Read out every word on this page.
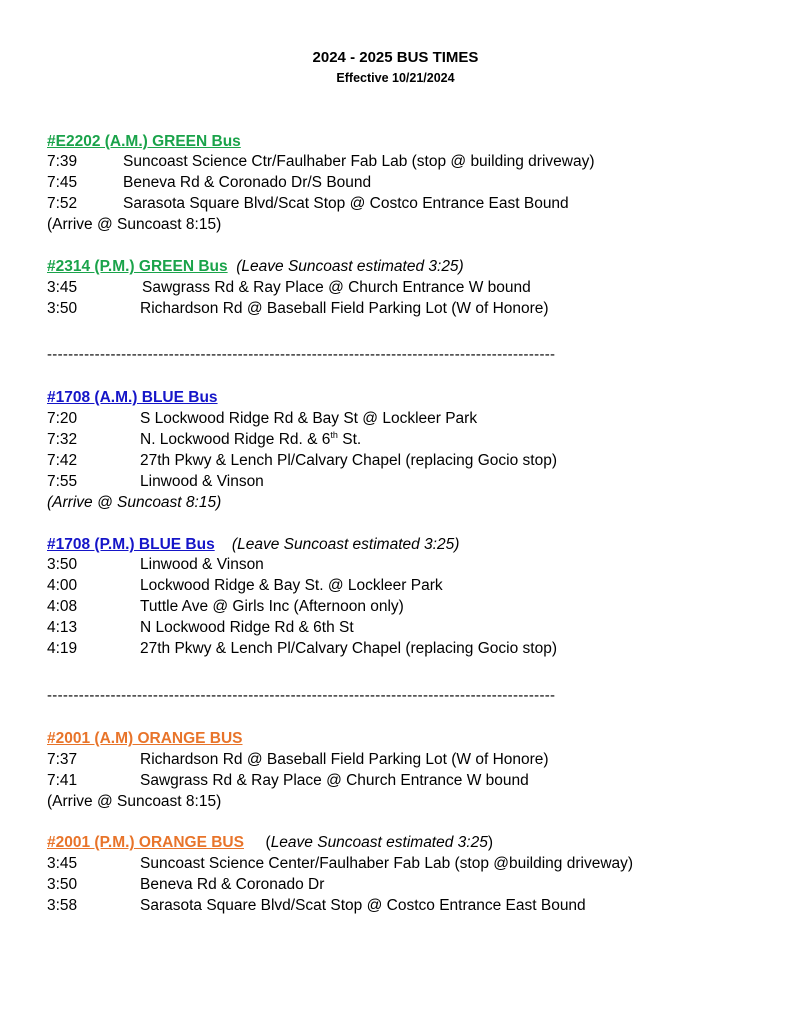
2024 - 2025 BUS TIMES
Effective 10/21/2024
#E2202 (A.M.) GREEN Bus
7:39	Suncoast Science Ctr/Faulhaber Fab Lab (stop @ building driveway)
7:45	Beneva Rd & Coronado Dr/S Bound
7:52	Sarasota Square Blvd/Scat Stop @ Costco Entrance East Bound
(Arrive @ Suncoast 8:15)
#2314 (P.M.) GREEN Bus (Leave Suncoast estimated 3:25)
3:45	Sawgrass Rd & Ray Place @ Church Entrance W bound
3:50	Richardson Rd @ Baseball Field Parking Lot (W of Honore)
------------------------------------------------------------------------------------------------
#1708 (A.M.) BLUE Bus
7:20	S Lockwood Ridge Rd & Bay St @ Lockleer Park
7:32	N. Lockwood Ridge Rd. & 6th St.
7:42	27th Pkwy & Lench Pl/Calvary Chapel (replacing Gocio stop)
7:55	Linwood & Vinson
(Arrive @ Suncoast 8:15)
#1708 (P.M.) BLUE Bus (Leave Suncoast estimated 3:25)
3:50	Linwood & Vinson
4:00	Lockwood Ridge & Bay St. @ Lockleer Park
4:08	Tuttle Ave @ Girls Inc (Afternoon only)
4:13	N Lockwood Ridge Rd & 6th St
4:19	27th Pkwy & Lench Pl/Calvary Chapel (replacing Gocio stop)
------------------------------------------------------------------------------------------------
#2001 (A.M) ORANGE BUS
7:37	Richardson Rd @ Baseball Field Parking Lot (W of Honore)
7:41	Sawgrass Rd & Ray Place @ Church Entrance W bound
(Arrive @ Suncoast 8:15)
#2001 (P.M.) ORANGE BUS (Leave Suncoast estimated 3:25)
3:45	Suncoast Science Center/Faulhaber Fab Lab (stop @building driveway)
3:50	Beneva Rd & Coronado Dr
3:58	Sarasota Square Blvd/Scat Stop @ Costco Entrance East Bound
